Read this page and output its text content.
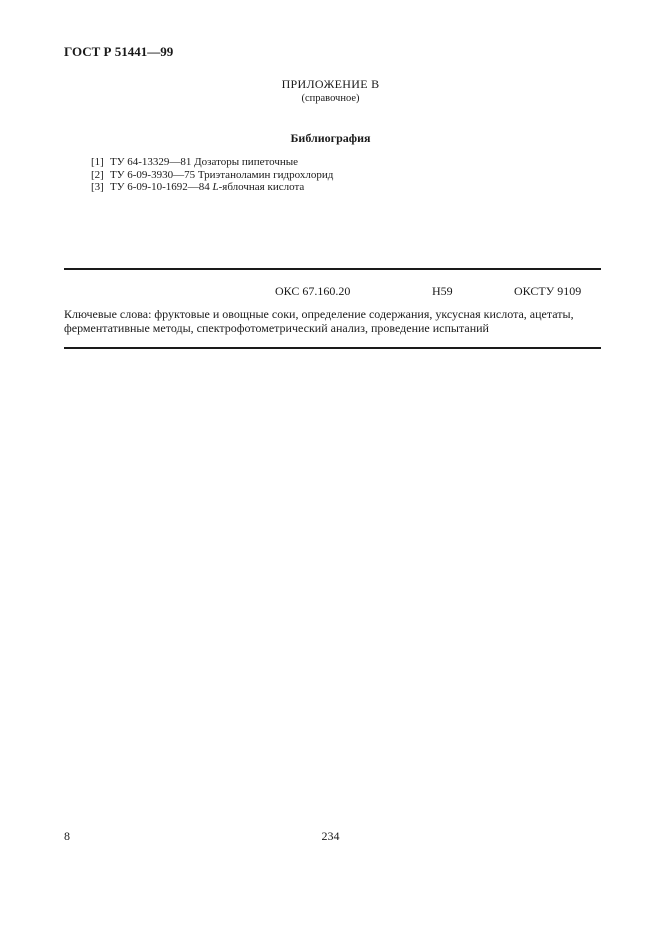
ГОСТ Р 51441—99
ПРИЛОЖЕНИЕ В
(справочное)
Библиография
[1] ТУ 64-13329—81 Дозаторы пипеточные
[2] ТУ 6-09-3930—75 Триэтаноламин гидрохлорид
[3] ТУ 6-09-10-1692—84 L-яблочная кислота
ОКС 67.160.20	Н59	ОКСТУ 9109
Ключевые слова: фруктовые и овощные соки, определение содержания, уксусная кислота, ацетаты,
ферментативные методы, спектрофотометрический анализ, проведение испытаний
8	234
